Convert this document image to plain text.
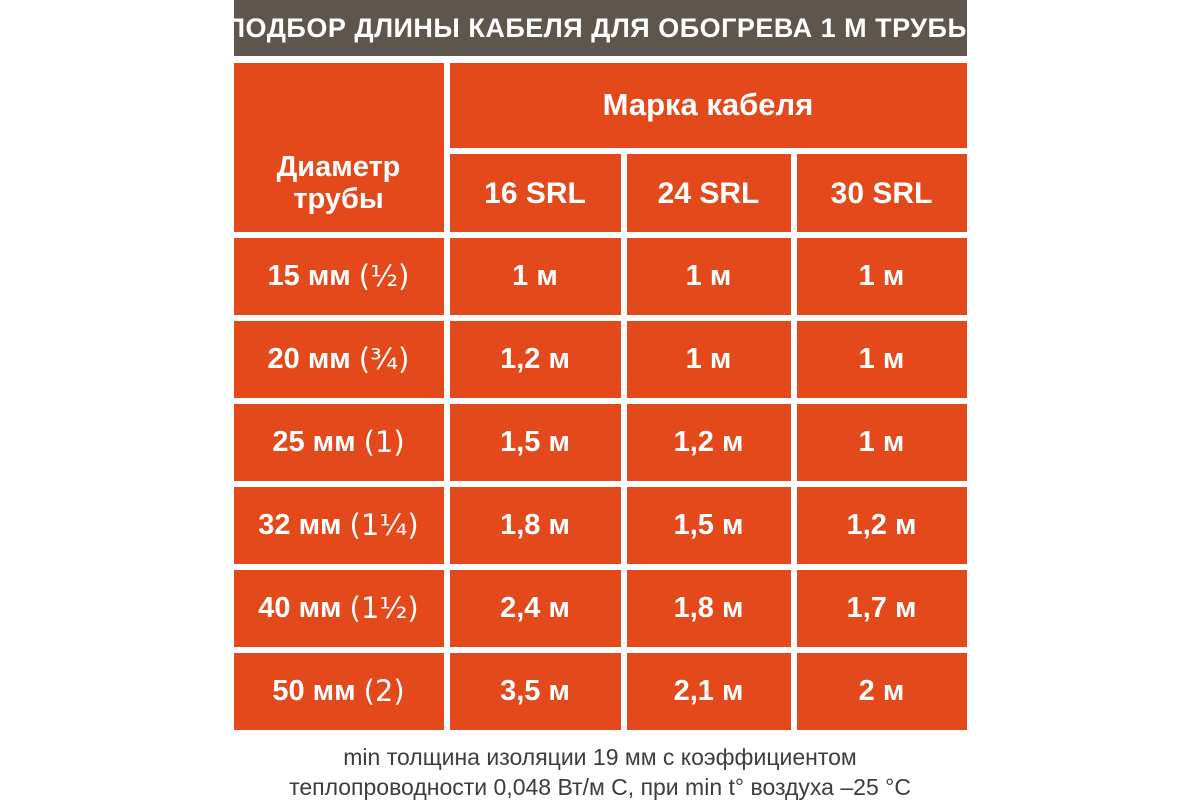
ПОДБОР ДЛИНЫ КАБЕЛЯ ДЛЯ ОБОГРЕВА 1 М ТРУБЫ
Диаметр трубы
Марка кабеля
16 SRL 24 SRL 30 SRL
15 мм (¹⁄₂)	1 м	1 м	1 м
20 мм (³⁄₄)	1,2 м	1 м	1 м
25 мм (1)	1,5 м	1,2 м	1 м
32 мм (1¹⁄₄)	1,8 м	1,5 м	1,2 м
40 мм (1¹⁄₂)	2,4 м	1,8 м	1,7 м
50 мм (2)	3,5 м	2,1 м	2 м
min толщина изоляции 19 мм с коэффициентом
теплопроводности 0,048 Вт/м С, при min t° воздуха –25 °C
